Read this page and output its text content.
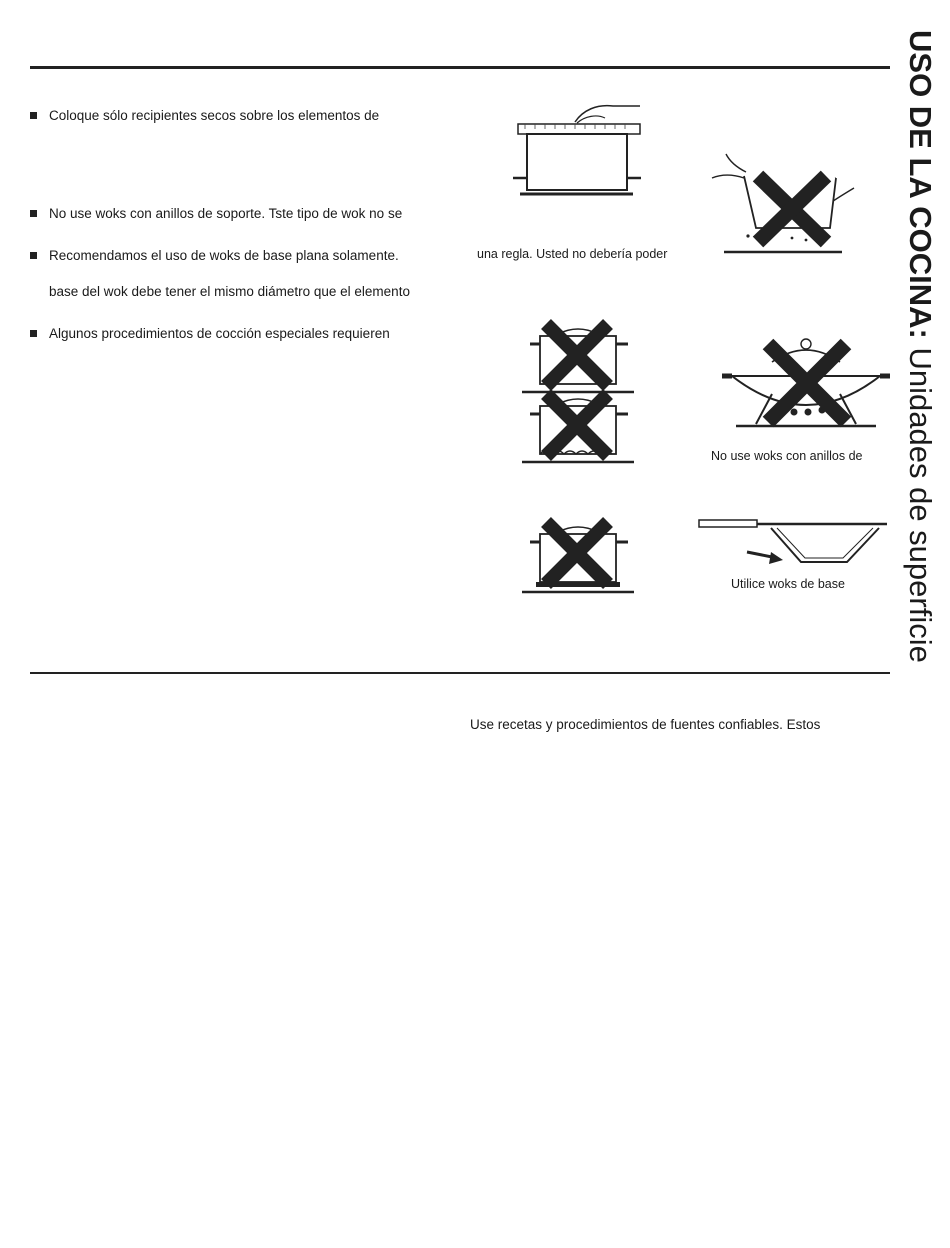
USO DE LA COCINA: Unidades de superficie
Coloque sólo recipientes secos sobre los elementos de
No use woks con anillos de soporte. Tste tipo de wok no se
Recomendamos el uso de woks de base plana solamente.
base del wok debe tener el mismo diámetro que el elemento
Algunos procedimientos de cocción especiales requieren
una regla. Usted no debería poder
No use woks con anillos de
Utilice woks de base
Use recetas y procedimientos de fuentes confiables. Estos
